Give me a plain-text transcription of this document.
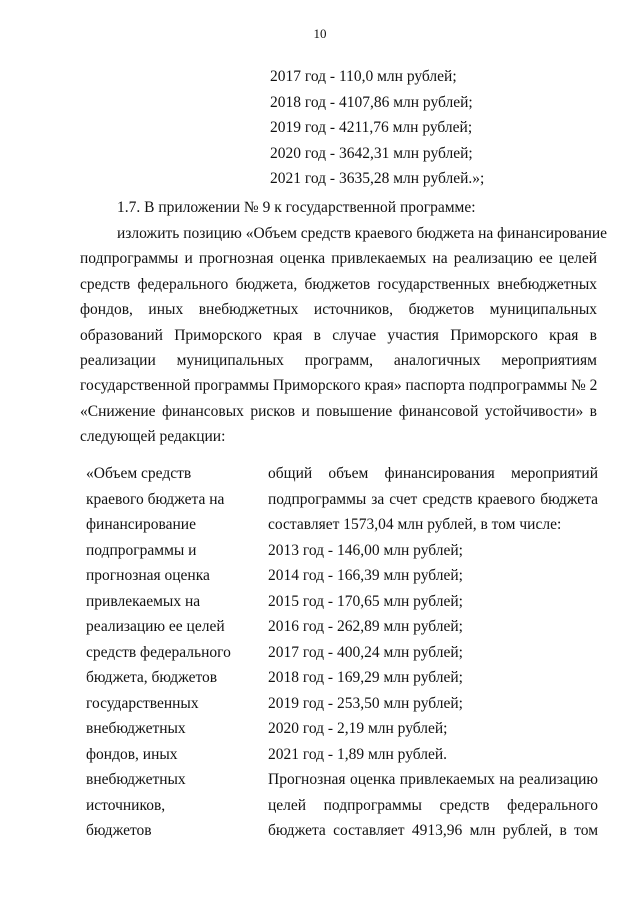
10
2017 год - 110,0 млн рублей;
2018 год - 4107,86 млн рублей;
2019 год - 4211,76 млн рублей;
2020 год - 3642,31 млн рублей;
2021 год - 3635,28 млн рублей.»;
1.7. В приложении № 9 к государственной программе:
изложить позицию «Объем средств краевого бюджета на финансирование
подпрограммы и прогнозная оценка привлекаемых на реализацию ее целей
средств федерального бюджета, бюджетов государственных внебюджетных
фондов, иных внебюджетных источников, бюджетов муниципальных
образований Приморского края в случае участия Приморского края в
реализации муниципальных программ, аналогичных мероприятиям
государственной программы Приморского края» паспорта подпрограммы № 2
«Снижение финансовых рисков и повышение финансовой устойчивости» в
следующей редакции:
«Объем средств	общий объем финансирования мероприятий
краевого бюджета на	подпрограммы за счет средств краевого бюджета
финансирование	составляет 1573,04 млн рублей, в том числе:
подпрограммы и	2013 год - 146,00 млн рублей;
прогнозная оценка	2014 год - 166,39 млн рублей;
привлекаемых на	2015 год - 170,65 млн рублей;
реализацию ее целей	2016 год - 262,89 млн рублей;
средств федерального	2017 год - 400,24 млн рублей;
бюджета, бюджетов	2018 год - 169,29 млн рублей;
государственных	2019 год - 253,50 млн рублей;
внебюджетных	2020 год - 2,19 млн рублей;
фондов, иных	2021 год - 1,89 млн рублей.
внебюджетных	Прогнозная оценка привлекаемых на реализацию
источников,	целей подпрограммы средств федерального
бюджетов	бюджета составляет 4913,96 млн рублей, в том
